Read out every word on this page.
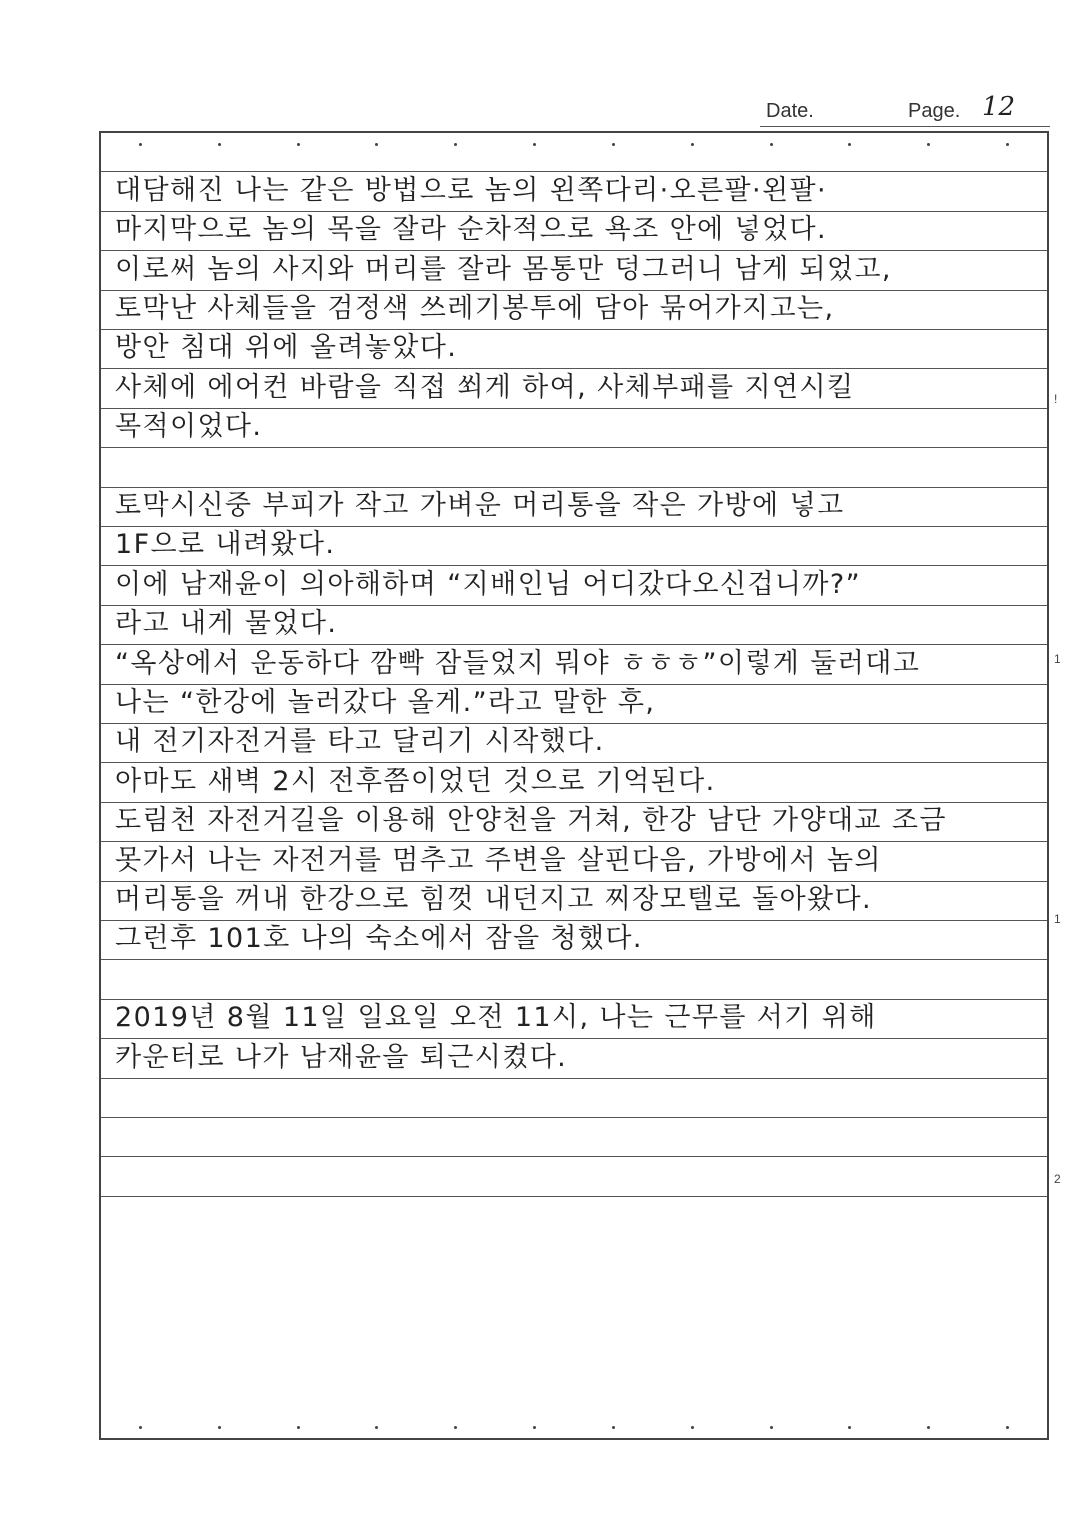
Date.	Page. 12
대담해진 나는 같은 방법으로 놈의 왼쪽다리·오른팔·왼팔·
마지막으로 놈의 목을 잘라 순차적으로 욕조 안에 넣었다.
이로써 놈의 사지와 머리를 잘라 몸통만 덩그러니 남게 되었고,
토막난 사체들을 검정색 쓰레기봉투에 담아 묶어가지고는,
방안 침대 위에 올려놓았다.
사체에 에어컨 바람을 직접 쐬게 하여, 사체부패를 지연시킬
목적이었다.
토막시신중 부피가 작고 가벼운 머리통을 작은 가방에 넣고
1F으로 내려왔다.
이에 남재윤이 의아해하며 “지배인님 어디갔다오신겁니까?”
라고 내게 물었다.
“옥상에서 운동하다 깜빡 잠들었지 뭐야 ㅎㅎㅎ”이렇게 둘러대고
나는 “한강에 놀러갔다 올게.”라고 말한 후,
내 전기자전거를 타고 달리기 시작했다.
아마도 새벽 2시 전후쯤이었던 것으로 기억된다.
도림천 자전거길을 이용해 안양천을 거쳐, 한강 남단 가양대교 조금
못가서 나는 자전거를 멈추고 주변을 살핀다음, 가방에서 놈의
머리통을 꺼내 한강으로 힘껏 내던지고 찌장모텔로 돌아왔다.
그런후 101호 나의 숙소에서 잠을 청했다.
2019년 8월 11일 일요일 오전 11시, 나는 근무를 서기 위해
카운터로 나가 남재윤을 퇴근시켰다.
!
1
1
2
